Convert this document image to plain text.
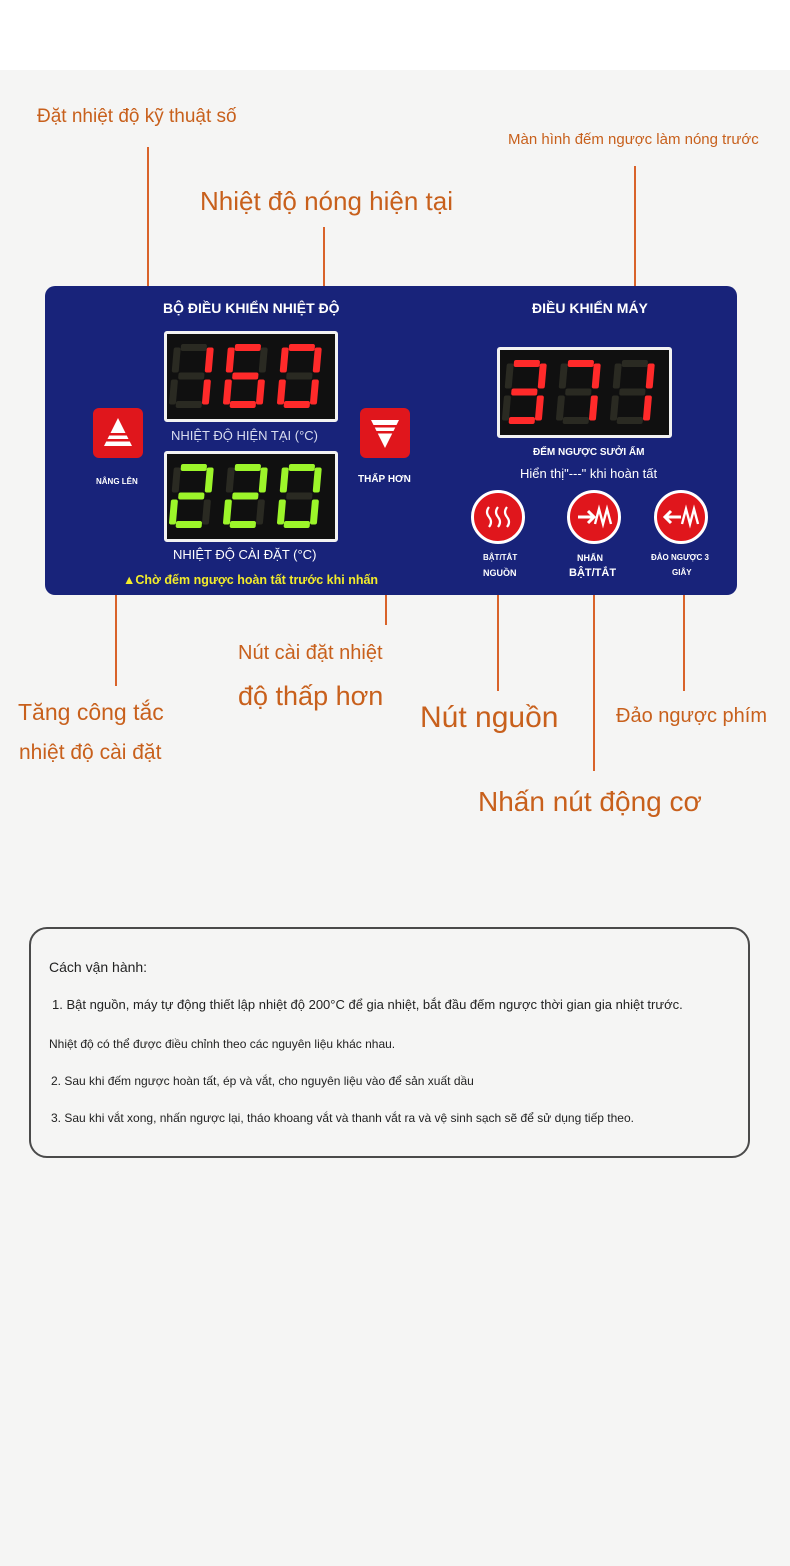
Đặt nhiệt độ kỹ thuật số
Màn hình đếm ngược làm nóng trước
Nhiệt độ nóng hiện tại
Nút cài đặt nhiệt
độ thấp hơn
Tăng công tắc
nhiệt độ cài đặt
Nút nguồn	Đảo ngược phím
Nhấn nút động cơ
BỘ ĐIỀU KHIỂN NHIỆT ĐỘ	ĐIỀU KHIỂN MÁY
NHIỆT ĐỘ HIỆN TẠI (°C)
NHIỆT ĐỘ CÀI ĐẶT (°C)
ĐẾM NGƯỢC SƯỞI ẤM
Hiển thị"---" khi hoàn tất
NÂNG LÊN	THẤP HƠN
▲Chờ đếm ngược hoàn tất trước khi nhấn
BẬT/TẮT
NGUỒN
NHẤN
BẬT/TẮT
ĐẢO NGƯỢC 3
GIÂY
Cách vận hành:
1. Bật nguồn, máy tự động thiết lập nhiệt độ 200°C để gia nhiệt, bắt đầu đếm ngược thời gian gia nhiệt trước.
Nhiệt độ có thể được điều chỉnh theo các nguyên liệu khác nhau.
2. Sau khi đếm ngược hoàn tất, ép và vắt, cho nguyên liệu vào để sản xuất dầu
3. Sau khi vắt xong, nhấn ngược lại, tháo khoang vắt và thanh vắt ra và vệ sinh sạch sẽ để sử dụng tiếp theo.
